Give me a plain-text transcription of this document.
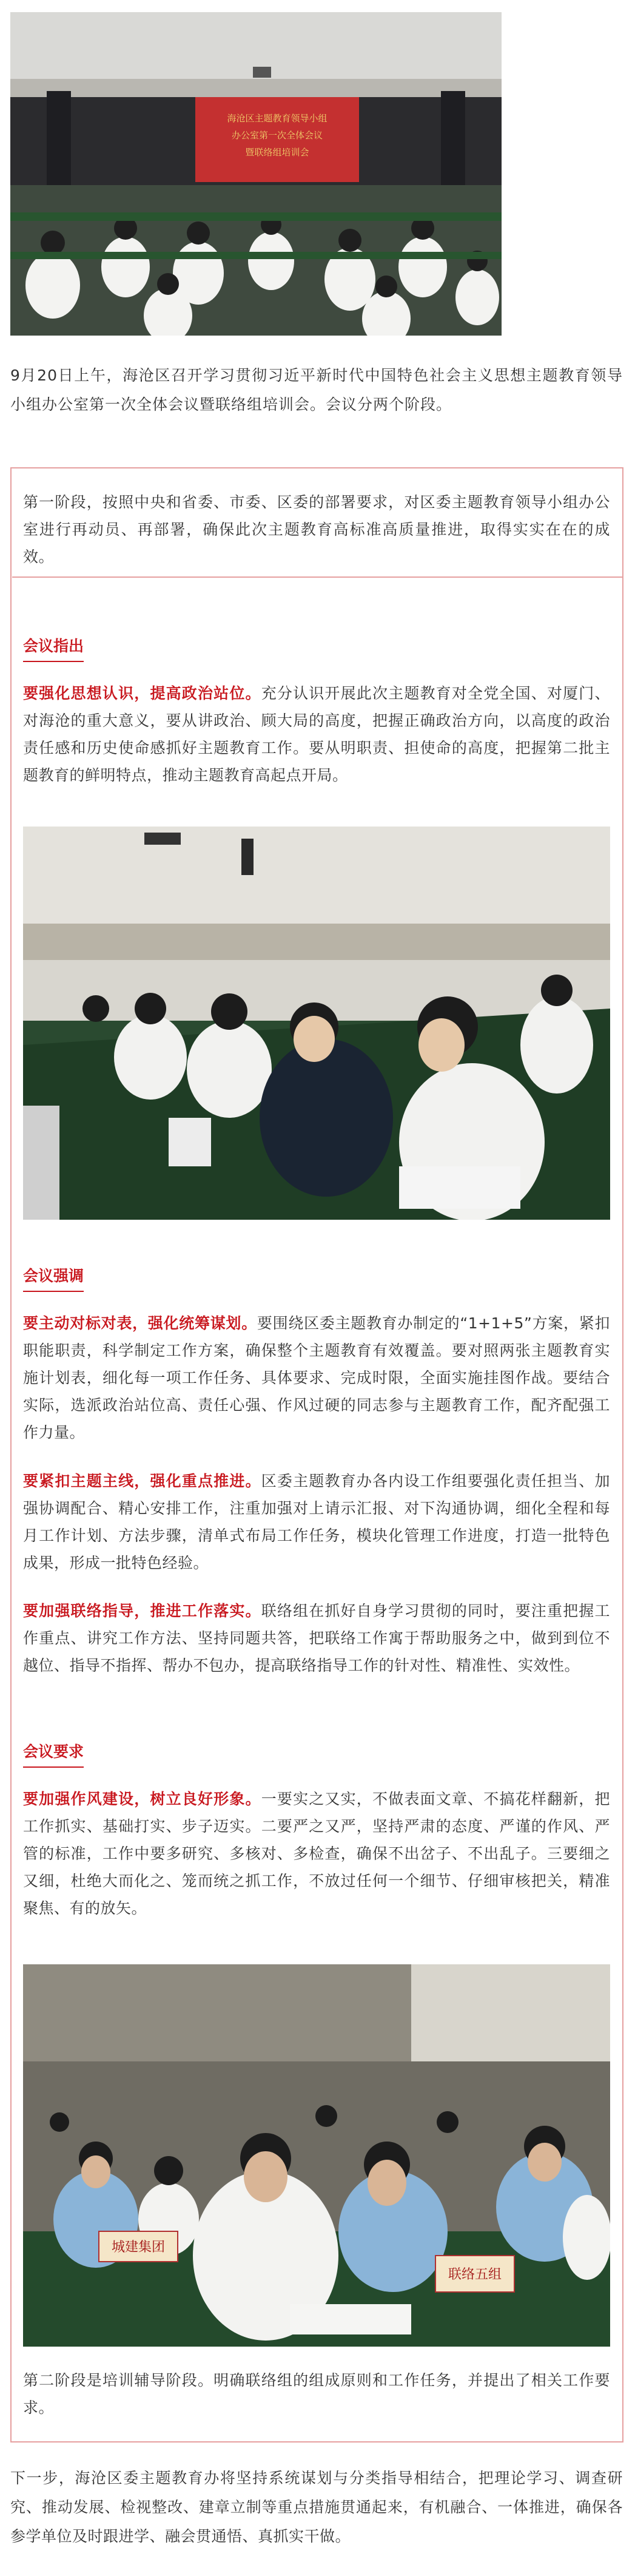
海沧区主题教育领导小组
办公室第一次全体会议
暨联络组培训会
9月20日上午，海沧区召开学习贯彻习近平新时代中国特色社会主义思想主题教育领导小组办公室第一次全体会议暨联络组培训会。会议分两个阶段。
第一阶段，按照中央和省委、市委、区委的部署要求，对区委主题教育领导小组办公室进行再动员、再部署，确保此次主题教育高标准高质量推进，取得实实在在的成效。
会议指出
要强化思想认识，提高政治站位。充分认识开展此次主题教育对全党全国、对厦门、对海沧的重大意义，要从讲政治、顾大局的高度，把握正确政治方向，以高度的政治责任感和历史使命感抓好主题教育工作。要从明职责、担使命的高度，把握第二批主题教育的鲜明特点，推动主题教育高起点开局。
会议强调
要主动对标对表，强化统筹谋划。要围绕区委主题教育办制定的“1+1+5”方案，紧扣职能职责，科学制定工作方案，确保整个主题教育有效覆盖。要对照两张主题教育实施计划表，细化每一项工作任务、具体要求、完成时限，全面实施挂图作战。要结合实际，选派政治站位高、责任心强、作风过硬的同志参与主题教育工作，配齐配强工作力量。
要紧扣主题主线，强化重点推进。区委主题教育办各内设工作组要强化责任担当、加强协调配合、精心安排工作，注重加强对上请示汇报、对下沟通协调，细化全程和每月工作计划、方法步骤，清单式布局工作任务，模块化管理工作进度，打造一批特色成果，形成一批特色经验。
要加强联络指导，推进工作落实。联络组在抓好自身学习贯彻的同时，要注重把握工作重点、讲究工作方法、坚持同题共答，把联络工作寓于帮助服务之中，做到到位不越位、指导不指挥、帮办不包办，提高联络指导工作的针对性、精准性、实效性。
会议要求
要加强作风建设，树立良好形象。一要实之又实，不做表面文章、不搞花样翻新，把工作抓实、基础打实、步子迈实。二要严之又严，坚持严肃的态度、严谨的作风、严管的标准，工作中要多研究、多核对、多检查，确保不出岔子、不出乱子。三要细之又细，杜绝大而化之、笼而统之抓工作，不放过任何一个细节、仔细审核把关，精准聚焦、有的放矢。
城建集团
联络五组
第二阶段是培训辅导阶段。明确联络组的组成原则和工作任务，并提出了相关工作要求。
下一步，海沧区委主题教育办将坚持系统谋划与分类指导相结合，把理论学习、调查研究、推动发展、检视整改、建章立制等重点措施贯通起来，有机融合、一体推进，确保各参学单位及时跟进学、融会贯通悟、真抓实干做。
